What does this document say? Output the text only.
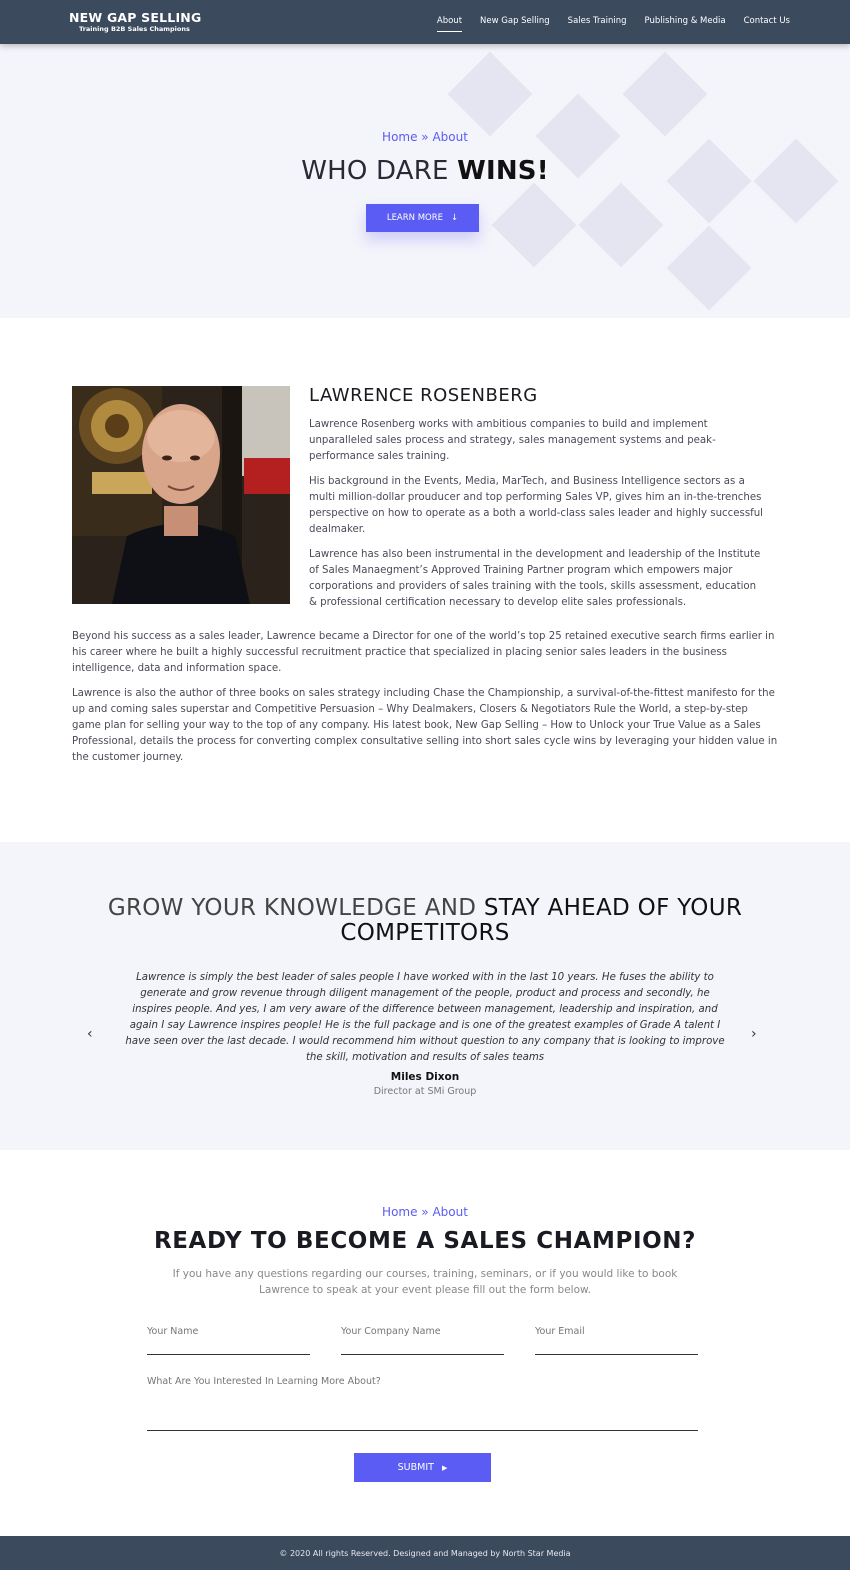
NEW GAP SELLING
Training B2B Sales Champions
About New Gap Selling Sales Training Publishing & Media Contact Us
Home » About
WHO DARE WINS!
LEARN MORE ↓
LAWRENCE ROSENBERG
Lawrence Rosenberg works with ambitious companies to build and implement unparalleled sales process and strategy, sales management systems and peak-performance sales training.
His background in the Events, Media, MarTech, and Business Intelligence sectors as a multi million-dollar prouducer and top performing Sales VP, gives him an in-the-trenches perspective on how to operate as a both a world-class sales leader and highly successful dealmaker.
Lawrence has also been instrumental in the development and leadership of the Institute of Sales Manaegment’s Approved Training Partner program which empowers major corporations and providers of sales training with the tools, skills assessment, education & professional certification necessary to develop elite sales professionals.
Beyond his success as a sales leader, Lawrence became a Director for one of the world’s top 25 retained executive search firms earlier in his career where he built a highly successful recruitment practice that specialized in placing senior sales leaders in the business intelligence, data and information space.
Lawrence is also the author of three books on sales strategy including Chase the Championship, a survival-of-the-fittest manifesto for the up and coming sales superstar and Competitive Persuasion – Why Dealmakers, Closers & Negotiators Rule the World, a step-by-step game plan for selling your way to the top of any company. His latest book, New Gap Selling – How to Unlock your True Value as a Sales Professional, details the process for converting complex consultative selling into short sales cycle wins by leveraging your hidden value in the customer journey.
GROW YOUR KNOWLEDGE AND STAY AHEAD OF YOUR COMPETITORS
‹
Lawrence is simply the best leader of sales people I have worked with in the last 10 years. He fuses the ability to generate and grow revenue through diligent management of the people, product and process and secondly, he inspires people. And yes, I am very aware of the difference between management, leadership and inspiration, and again I say Lawrence inspires people! He is the full package and is one of the greatest examples of Grade A talent I have seen over the last decade. I would recommend him without question to any company that is looking to improve the skill, motivation and results of sales teams
›
Miles Dixon
Director at SMi Group
Home » About
READY TO BECOME A SALES CHAMPION?
If you have any questions regarding our courses, training, seminars, or if you would like to book Lawrence to speak at your event please fill out the form below.
Your Name
Your Company Name
Your Email
What Are You Interested In Learning More About?
SUBMIT ▶
© 2020 All rights Reserved. Designed and Managed by North Star Media
